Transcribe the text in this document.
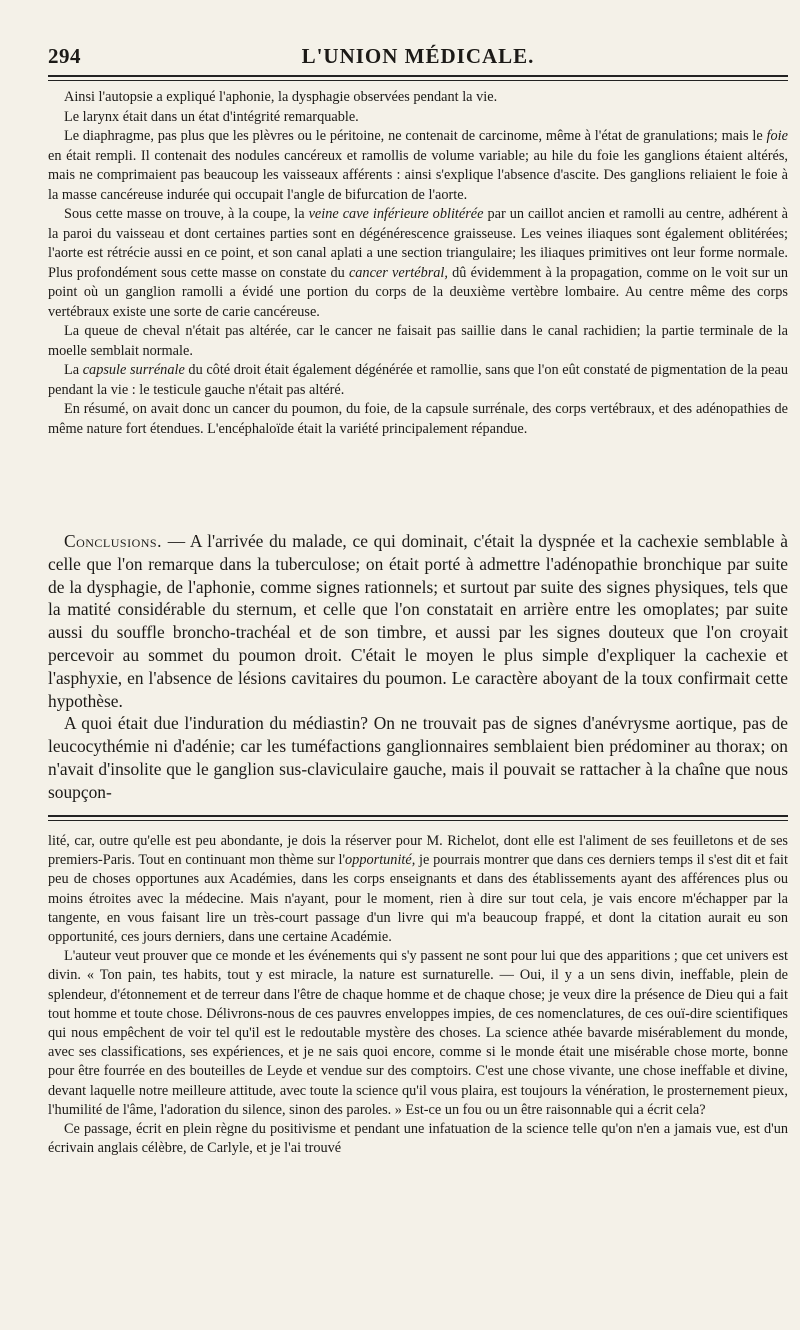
294	L'UNION MÉDICALE.

Ainsi l'autopsie a expliqué l'aphonie, la dysphagie observées pendant la vie.

Le larynx était dans un état d'intégrité remarquable.

Le diaphragme, pas plus que les plèvres ou le péritoine, ne contenait de carcinome, même à l'état de granulations; mais le foie en était rempli. Il contenait des nodules cancéreux et ramollis de volume variable; au hile du foie les ganglions étaient altérés, mais ne comprimaient pas beaucoup les vaisseaux afférents : ainsi s'explique l'absence d'ascite. Des ganglions reliaient le foie à la masse cancéreuse indurée qui occupait l'angle de bifurcation de l'aorte.

Sous cette masse on trouve, à la coupe, la veine cave inférieure oblitérée par un caillot ancien et ramolli au centre, adhérent à la paroi du vaisseau et dont certaines parties sont en dégénérescence graisseuse. Les veines iliaques sont également oblitérées; l'aorte est rétrécie aussi en ce point, et son canal aplati a une section triangulaire; les iliaques primitives ont leur forme normale. Plus profondément sous cette masse on constate du cancer vertébral, dû évidemment à la propagation, comme on le voit sur un point où un ganglion ramolli a évidé une portion du corps de la deuxième vertèbre lombaire. Au centre même des corps vertébraux existe une sorte de carie cancéreuse.

La queue de cheval n'était pas altérée, car le cancer ne faisait pas saillie dans le canal rachidien; la partie terminale de la moelle semblait normale.

La capsule surrénale du côté droit était également dégénérée et ramollie, sans que l'on eût constaté de pigmentation de la peau pendant la vie : le testicule gauche n'était pas altéré.

En résumé, on avait donc un cancer du poumon, du foie, de la capsule surrénale, des corps vertébraux, et des adénopathies de même nature fort étendues. L'encéphaloïde était la variété principalement répandue.

Conclusions. — A l'arrivée du malade, ce qui dominait, c'était la dyspnée et la cachexie semblable à celle que l'on remarque dans la tuberculose; on était porté à admettre l'adénopathie bronchique par suite de la dysphagie, de l'aphonie, comme signes rationnels; et surtout par suite des signes physiques, tels que la matité considérable du sternum, et celle que l'on constatait en arrière entre les omoplates; par suite aussi du souffle broncho-trachéal et de son timbre, et aussi par les signes douteux que l'on croyait percevoir au sommet du poumon droit. C'était le moyen le plus simple d'expliquer la cachexie et l'asphyxie, en l'absence de lésions cavitaires du poumon. Le caractère aboyant de la toux confirmait cette hypothèse.

A quoi était due l'induration du médiastin? On ne trouvait pas de signes d'anévrysme aortique, pas de leucocythémie ni d'adénie; car les tuméfactions ganglionnaires semblaient bien prédominer au thorax; on n'avait d'insolite que le ganglion sus-claviculaire gauche, mais il pouvait se rattacher à la chaîne que nous soupçon-

lité, car, outre qu'elle est peu abondante, je dois la réserver pour M. Richelot, dont elle est l'aliment de ses feuilletons et de ses premiers-Paris. Tout en continuant mon thème sur l'opportunité, je pourrais montrer que dans ces derniers temps il s'est dit et fait peu de choses opportunes aux Académies, dans les corps enseignants et dans des établissements ayant des afférences plus ou moins étroites avec la médecine. Mais n'ayant, pour le moment, rien à dire sur tout cela, je vais encore m'échapper par la tangente, en vous faisant lire un très-court passage d'un livre qui m'a beaucoup frappé, et dont la citation aurait eu son opportunité, ces jours derniers, dans une certaine Académie.

L'auteur veut prouver que ce monde et les événements qui s'y passent ne sont pour lui que des apparitions ; que cet univers est divin. « Ton pain, tes habits, tout y est miracle, la nature est surnaturelle. — Oui, il y a un sens divin, ineffable, plein de splendeur, d'étonnement et de terreur dans l'être de chaque homme et de chaque chose; je veux dire la présence de Dieu qui a fait tout homme et toute chose. Délivrons-nous de ces pauvres enveloppes impies, de ces nomenclatures, de ces ouï-dire scientifiques qui nous empêchent de voir tel qu'il est le redoutable mystère des choses. La science athée bavarde misérablement du monde, avec ses classifications, ses expériences, et je ne sais quoi encore, comme si le monde était une misérable chose morte, bonne pour être fourrée en des bouteilles de Leyde et vendue sur des comptoirs. C'est une chose vivante, une chose ineffable et divine, devant laquelle notre meilleure attitude, avec toute la science qu'il vous plaira, est toujours la vénération, le prosternement pieux, l'humilité de l'âme, l'adoration du silence, sinon des paroles. » Est-ce un fou ou un être raisonnable qui a écrit cela?

Ce passage, écrit en plein règne du positivisme et pendant une infatuation de la science telle qu'on n'en a jamais vue, est d'un écrivain anglais célèbre, de Carlyle, et je l'ai trouvé
